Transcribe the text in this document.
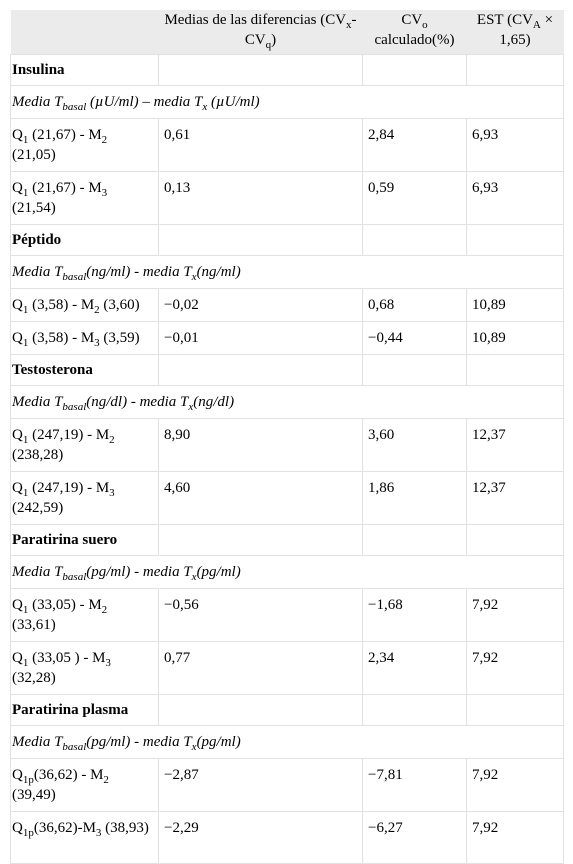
	Medias de las diferencias ($CV_x-$ $CV_q$)	$CV_o$ calculado(%)	EST $(CV_A \times 1,65)$
Insulina			
Media $T_{basal}$ (µU/ml) – media $T_x$ (µU/ml)			
$Q_1$ $(21,67) - M_2$ (21,05)	0,61	2,84	6,93
$Q_1$ $(21,67) - M_3$ (21,54)	0,13	0,59	6,93
Péptido			
Media $T_{basal}(ng/ml)$ - media $T_x(ng/ml)$			
$Q_1$ $(3,58) - M_2$ (3,60)	−0,02	0,68	10,89
$Q_1$ $(3,58) - M_3$ (3,59)	−0,01	−0,44	10,89
Testosterona			
Media $T_{basal}(ng/dl)$ - media $T_x(ng/dl)$			
$Q_1$ $(247,19) - M_2$ (238,28)	8,90	3,60	12,37
$Q_1$ $(247,19) - M_3$ (242,59)	4,60	1,86	12,37
Paratirina suero			
Media $T_{basal}(pg/ml)$ - media $T_x(pg/ml)$			
$Q_1$ $(33,05) - M_2$ (33,61)	−0,56	−1,68	7,92
$Q_1$ (33,05 ) - $M_3$ (32,28)	0,77	2,34	7,92
Paratirina plasma			
Media $T_{basal}(pg/ml)$ - media $T_x(pg/ml)$			
$Q_{1p}(36,62) - M_2$ (39,49)	−2,87	−7,81	7,92
$Q_{1p}(36,62)-M_3$ (38,93)	−2,29	−6,27	7,92
